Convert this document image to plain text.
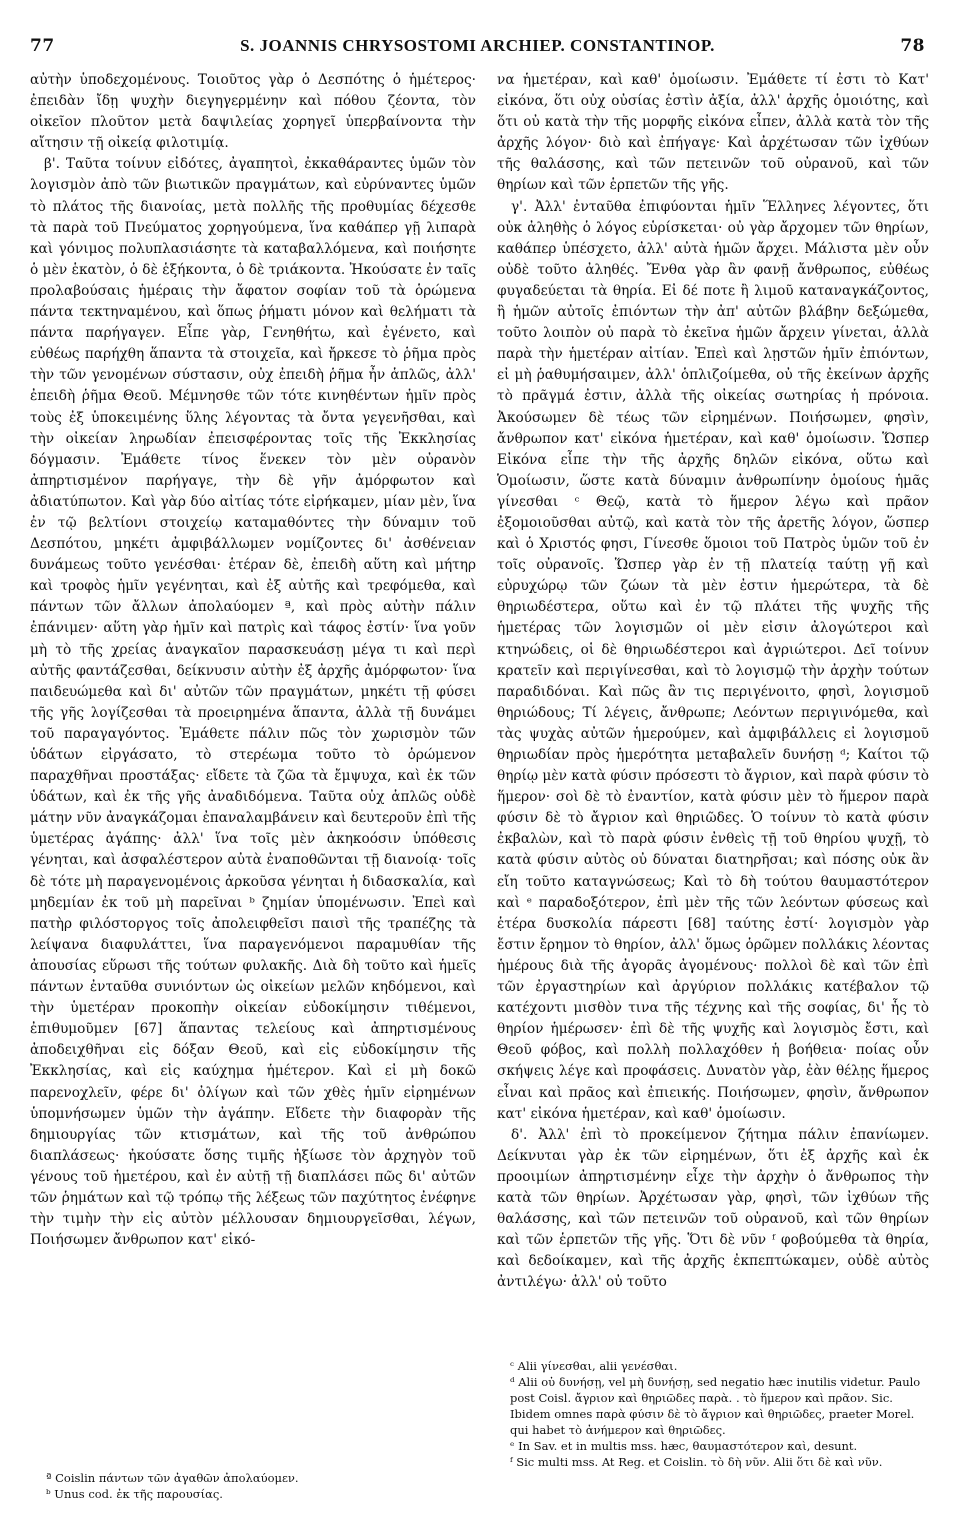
77	S. JOANNIS CHRYSOSTOMI ARCHIEP. CONSTANTINOP.	78

αὐτὴν ὑποδεχομένους. Τοιοῦτος γὰρ ὁ Δεσπότης ὁ ἡμέτερος· ἐπειδὰν ἴδῃ ψυχὴν διεγηγερμένην καὶ πόθου ζέοντα, τὸν οἰκεῖον πλοῦτον μετὰ δαψιλείας χορηγεῖ ὑπερβαίνοντα τὴν αἴτησιν τῇ οἰκείᾳ φιλοτιμίᾳ.

β'. Ταῦτα τοίνυν εἰδότες, ἀγαπητοὶ, ἐκκαθάραντες ὑμῶν τὸν λογισμὸν ἀπὸ τῶν βιωτικῶν πραγμάτων, καὶ εὐρύναντες ὑμῶν τὸ πλάτος τῆς διανοίας, μετὰ πολλῆς τῆς προθυμίας δέχεσθε τὰ παρὰ τοῦ Πνεύματος χορηγούμενα, ἵνα καθάπερ γῇ λιπαρὰ καὶ γόνιμος πολυπλασιάσητε τὰ καταβαλλόμενα, καὶ ποιήσητε ὁ μὲν ἑκατὸν, ὁ δὲ ἑξήκοντα, ὁ δὲ τριάκοντα. Ἠκούσατε ἐν ταῖς προλαβούσαις ἡμέραις τὴν ἄφατον σοφίαν τοῦ τὰ ὁρώμενα πάντα τεκτηναμένου, καὶ ὅπως ῥήματι μόνον καὶ θελήματι τὰ πάντα παρήγαγεν. Εἶπε γὰρ, Γενηθήτω, καὶ ἐγένετο, καὶ εὐθέως παρήχθη ἅπαντα τὰ στοιχεῖα, καὶ ἤρκεσε τὸ ῥῆμα πρὸς τὴν τῶν γενομένων σύστασιν, οὐχ ἐπειδὴ ῥῆμα ἦν ἁπλῶς, ἀλλ' ἐπειδὴ ῥῆμα Θεοῦ. Μέμνησθε τῶν τότε κινηθέντων ἡμῖν πρὸς τοὺς ἐξ ὑποκειμένης ὕλης λέγοντας τὰ ὄντα γεγενῆσθαι, καὶ τὴν οἰκείαν ληρωδίαν ἐπεισφέροντας τοῖς τῆς Ἐκκλησίας δόγμασιν. Ἐμάθετε τίνος ἕνεκεν τὸν μὲν οὐρανὸν ἀπηρτισμένον παρήγαγε, τὴν δὲ γῆν ἀμόρφωτον καὶ ἀδιατύπωτον. Καὶ γὰρ δύο αἰτίας τότε εἰρήκαμεν, μίαν μὲν, ἵνα ἐν τῷ βελτίονι στοιχείῳ καταμαθόντες τὴν δύναμιν τοῦ Δεσπότου, μηκέτι ἀμφιβάλλωμεν νομίζοντες δι' ἀσθένειαν δυνάμεως τοῦτο γενέσθαι· ἑτέραν δὲ, ἐπειδὴ αὕτη καὶ μήτηρ καὶ τροφὸς ἡμῖν γεγένηται, καὶ ἐξ αὐτῆς καὶ τρεφόμεθα, καὶ πάντων τῶν ἄλλων ἀπολαύομεν ª, καὶ πρὸς αὐτὴν πάλιν ἐπάνιμεν· αὕτη γὰρ ἡμῖν καὶ πατρὶς καὶ τάφος ἐστίν· ἵνα γοῦν μὴ τὸ τῆς χρείας ἀναγκαῖον παρασκευάσῃ μέγα τι καὶ περὶ αὐτῆς φαντάζεσθαι, δείκνυσιν αὐτὴν ἐξ ἀρχῆς ἀμόρφωτον· ἵνα παιδευώμεθα καὶ δι' αὐτῶν τῶν πραγμάτων, μηκέτι τῇ φύσει τῆς γῆς λογίζεσθαι τὰ προειρημένα ἅπαντα, ἀλλὰ τῇ δυνάμει τοῦ παραγαγόντος. Ἐμάθετε πάλιν πῶς τὸν χωρισμὸν τῶν ὑδάτων εἰργάσατο, τὸ στερέωμα τοῦτο τὸ ὁρώμενον παραχθῆναι προστάξας· εἴδετε τὰ ζῶα τὰ ἔμψυχα, καὶ ἐκ τῶν ὑδάτων, καὶ ἐκ τῆς γῆς ἀναδιδόμενα. Ταῦτα οὐχ ἁπλῶς οὐδὲ μάτην νῦν ἀναγκάζομαι ἐπαναλαμβάνειν καὶ δευτεροῦν ἐπὶ τῆς ὑμετέρας ἀγάπης· ἀλλ' ἵνα τοῖς μὲν ἀκηκοόσιν ὑπόθεσις γένηται, καὶ ἀσφαλέστερον αὐτὰ ἐναποθῶνται τῇ διανοίᾳ· τοῖς δὲ τότε μὴ παραγενομένοις ἀρκοῦσα γένηται ἡ διδασκαλία, καὶ μηδεμίαν ἐκ τοῦ μὴ παρεῖναι ᵇ ζημίαν ὑπομένωσιν. Ἐπεὶ καὶ πατὴρ φιλόστοργος τοῖς ἀπολειφθεῖσι παισὶ τῆς τραπέζης τὰ λείψανα διαφυλάττει, ἵνα παραγενόμενοι παραμυθίαν τῆς ἀπουσίας εὕρωσι τῆς τούτων φυλακῆς. Διὰ δὴ τοῦτο καὶ ἡμεῖς πάντων ἐνταῦθα συνιόντων ὡς οἰκείων μελῶν κηδόμενοι, καὶ τὴν ὑμετέραν προκοπὴν οἰκείαν εὐδοκίμησιν τιθέμενοι, ἐπιθυμοῦμεν [67] ἅπαντας τελείους καὶ ἀπηρτισμένους ἀποδειχθῆναι εἰς δόξαν Θεοῦ, καὶ εἰς εὐδοκίμησιν τῆς Ἐκκλησίας, καὶ εἰς καύχημα ἡμέτερον. Καὶ εἰ μὴ δοκῶ παρενοχλεῖν, φέρε δι' ὀλίγων καὶ τῶν χθὲς ἡμῖν εἰρημένων ὑπομνήσωμεν ὑμῶν τὴν ἀγάπην. Εἴδετε τὴν διαφορὰν τῆς δημιουργίας τῶν κτισμάτων, καὶ τῆς τοῦ ἀνθρώπου διαπλάσεως· ἠκούσατε ὅσης τιμῆς ἠξίωσε τὸν ἀρχηγὸν τοῦ γένους τοῦ ἡμετέρου, καὶ ἐν αὐτῇ τῇ διαπλάσει πῶς δι' αὐτῶν τῶν ῥημάτων καὶ τῷ τρόπῳ τῆς λέξεως τῶν παχύτητος ἐνέφηνε τὴν τιμὴν τὴν εἰς αὐτὸν μέλλουσαν δημιουργεῖσθαι, λέγων, Ποιήσωμεν ἄνθρωπον κατ' εἰκό-

να ἡμετέραν, καὶ καθ' ὁμοίωσιν. Ἐμάθετε τί ἐστι τὸ Κατ' εἰκόνα, ὅτι οὐχ οὐσίας ἐστὶν ἀξία, ἀλλ' ἀρχῆς ὁμοιότης, καὶ ὅτι οὐ κατὰ τὴν τῆς μορφῆς εἰκόνα εἶπεν, ἀλλὰ κατὰ τὸν τῆς ἀρχῆς λόγον· διὸ καὶ ἐπήγαγε· Καὶ ἀρχέτωσαν τῶν ἰχθύων τῆς θαλάσσης, καὶ τῶν πετεινῶν τοῦ οὐρανοῦ, καὶ τῶν θηρίων καὶ τῶν ἑρπετῶν τῆς γῆς.

γ'. Ἀλλ' ἐνταῦθα ἐπιφύονται ἡμῖν Ἕλληνες λέγοντες, ὅτι οὐκ ἀληθὴς ὁ λόγος εὑρίσκεται· οὐ γὰρ ἄρχομεν τῶν θηρίων, καθάπερ ὑπέσχετο, ἀλλ' αὐτὰ ἡμῶν ἄρχει. Μάλιστα μὲν οὖν οὐδὲ τοῦτο ἀληθές. Ἔνθα γὰρ ἂν φανῇ ἄνθρωπος, εὐθέως φυγαδεύεται τὰ θηρία. Εἰ δέ ποτε ἢ λιμοῦ καταναγκάζοντος, ἢ ἡμῶν αὐτοῖς ἐπιόντων τὴν ἀπ' αὐτῶν βλάβην δεξώμεθα, τοῦτο λοιπὸν οὐ παρὰ τὸ ἐκεῖνα ἡμῶν ἄρχειν γίνεται, ἀλλὰ παρὰ τὴν ἡμετέραν αἰτίαν. Ἐπεὶ καὶ λῃστῶν ἡμῖν ἐπιόντων, εἰ μὴ ῥαθυμήσαιμεν, ἀλλ' ὁπλιζοίμεθα, οὐ τῆς ἐκείνων ἀρχῆς τὸ πρᾶγμά ἐστιν, ἀλλὰ τῆς οἰκείας σωτηρίας ἡ πρόνοια. Ἀκούσωμεν δὲ τέως τῶν εἰρημένων. Ποιήσωμεν, φησὶν, ἄνθρωπον κατ' εἰκόνα ἡμετέραν, καὶ καθ' ὁμοίωσιν. Ὥσπερ Εἰκόνα εἶπε τὴν τῆς ἀρχῆς δηλῶν εἰκόνα, οὕτω καὶ Ὁμοίωσιν, ὥστε κατὰ δύναμιν ἀνθρωπίνην ὁμοίους ἡμᾶς γίνεσθαι ᶜ Θεῷ, κατὰ τὸ ἥμερον λέγω καὶ πρᾶον ἐξομοιοῦσθαι αὐτῷ, καὶ κατὰ τὸν τῆς ἀρετῆς λόγον, ὥσπερ καὶ ὁ Χριστός φησι, Γίνεσθε ὅμοιοι τοῦ Πατρὸς ὑμῶν τοῦ ἐν τοῖς οὐρανοῖς. Ὥσπερ γὰρ ἐν τῇ πλατείᾳ ταύτῃ γῇ καὶ εὐρυχώρῳ τῶν ζώων τὰ μὲν ἐστιν ἡμερώτερα, τὰ δὲ θηριωδέστερα, οὕτω καὶ ἐν τῷ πλάτει τῆς ψυχῆς τῆς ἡμετέρας τῶν λογισμῶν οἱ μὲν εἰσιν ἀλογώτεροι καὶ κτηνώδεις, οἱ δὲ θηριωδέστεροι καὶ ἀγριώτεροι. Δεῖ τοίνυν κρατεῖν καὶ περιγίνεσθαι, καὶ τὸ λογισμῷ τὴν ἀρχὴν τούτων παραδιδόναι. Καὶ πῶς ἂν τις περιγένοιτο, φησὶ, λογισμοῦ θηριώδους; Τί λέγεις, ἄνθρωπε; Λεόντων περιγινόμεθα, καὶ τὰς ψυχὰς αὐτῶν ἡμερούμεν, καὶ ἀμφιβάλλεις εἰ λογισμοῦ θηριωδίαν πρὸς ἡμερότητα μεταβαλεῖν δυνήσῃ ᵈ; Καίτοι τῷ θηρίῳ μὲν κατὰ φύσιν πρόσεστι τὸ ἄγριον, καὶ παρὰ φύσιν τὸ ἥμερον· σοὶ δὲ τὸ ἐναντίον, κατὰ φύσιν μὲν τὸ ἥμερον παρὰ φύσιν δὲ τὸ ἄγριον καὶ θηριῶδες. Ὁ τοίνυν τὸ κατὰ φύσιν ἐκβαλὼν, καὶ τὸ παρὰ φύσιν ἐνθεὶς τῇ τοῦ θηρίου ψυχῇ, τὸ κατὰ φύσιν αὐτὸς οὐ δύναται διατηρῆσαι; καὶ πόσης οὐκ ἂν εἴη τοῦτο καταγνώσεως; Καὶ τὸ δὴ τούτου θαυμαστότερον καὶ ᵉ παραδοξότερον, ἐπὶ μὲν τῆς τῶν λεόντων φύσεως καὶ ἑτέρα δυσκολία πάρεστι [68] ταύτης ἐστί· λογισμὸν γὰρ ἔστιν ἔρημον τὸ θηρίον, ἀλλ' ὅμως ὁρῶμεν πολλάκις λέοντας ἡμέρους διὰ τῆς ἀγορᾶς ἀγομένους· πολλοὶ δὲ καὶ τῶν ἐπὶ τῶν ἐργαστηρίων καὶ ἀργύριον πολλάκις κατέβαλον τῷ κατέχοντι μισθὸν τινα τῆς τέχνης καὶ τῆς σοφίας, δι' ἧς τὸ θηρίον ἡμέρωσεν· ἐπὶ δὲ τῆς ψυχῆς καὶ λογισμὸς ἔστι, καὶ Θεοῦ φόβος, καὶ πολλὴ πολλαχόθεν ἡ βοήθεια· ποίας οὖν σκήψεις λέγε καὶ προφάσεις. Δυνατὸν γὰρ, ἐὰν θέλῃς ἥμερος εἶναι καὶ πρᾶος καὶ ἐπιεικής. Ποιήσωμεν, φησὶν, ἄνθρωπον κατ' εἰκόνα ἡμετέραν, καὶ καθ' ὁμοίωσιν.

δ'. Ἀλλ' ἐπὶ τὸ προκείμενον ζήτημα πάλιν ἐπανίωμεν. Δείκνυται γὰρ ἐκ τῶν εἰρημένων, ὅτι ἐξ ἀρχῆς καὶ ἐκ προοιμίων ἀπηρτισμένην εἶχε τὴν ἀρχὴν ὁ ἄνθρωπος τὴν κατὰ τῶν θηρίων. Ἀρχέτωσαν γὰρ, φησὶ, τῶν ἰχθύων τῆς θαλάσσης, καὶ τῶν πετεινῶν τοῦ οὐρανοῦ, καὶ τῶν θηρίων καὶ τῶν ἑρπετῶν τῆς γῆς. Ὅτι δὲ νῦν ᶠ φοβούμεθα τὰ θηρία, καὶ δεδοίκαμεν, καὶ τῆς ἀρχῆς ἐκπεπτώκαμεν, οὐδὲ αὐτὸς ἀντιλέγω· ἀλλ' οὐ τοῦτο

ª Coislin πάντων τῶν ἀγαθῶν ἀπολαύομεν.
ᵇ Unus cod. ἐκ τῆς παρουσίας.
ᶜ Alii γίνεσθαι, alii γενέσθαι.
ᵈ Alii οὐ δυνήσῃ, vel μὴ δυνήσῃ, sed negatio hæc inutilis videtur. Paulo post Coisl. ἄγριον καὶ θηριῶδες παρὰ. . τὸ ἥμερον καὶ πρᾶον. Sic. Ibidem omnes παρὰ φύσιν δὲ τὸ ἄγριον καὶ θηριῶδες, praeter Morel. qui habet τὸ ἀνήμερον καὶ θηριῶδες.
ᵉ In Sav. et in multis mss. hæc, θαυμαστότερον καὶ, desunt.
ᶠ Sic multi mss. At Reg. et Coislin. τὸ δὴ νῦν. Alii ὅτι δὲ καὶ νῦν.
